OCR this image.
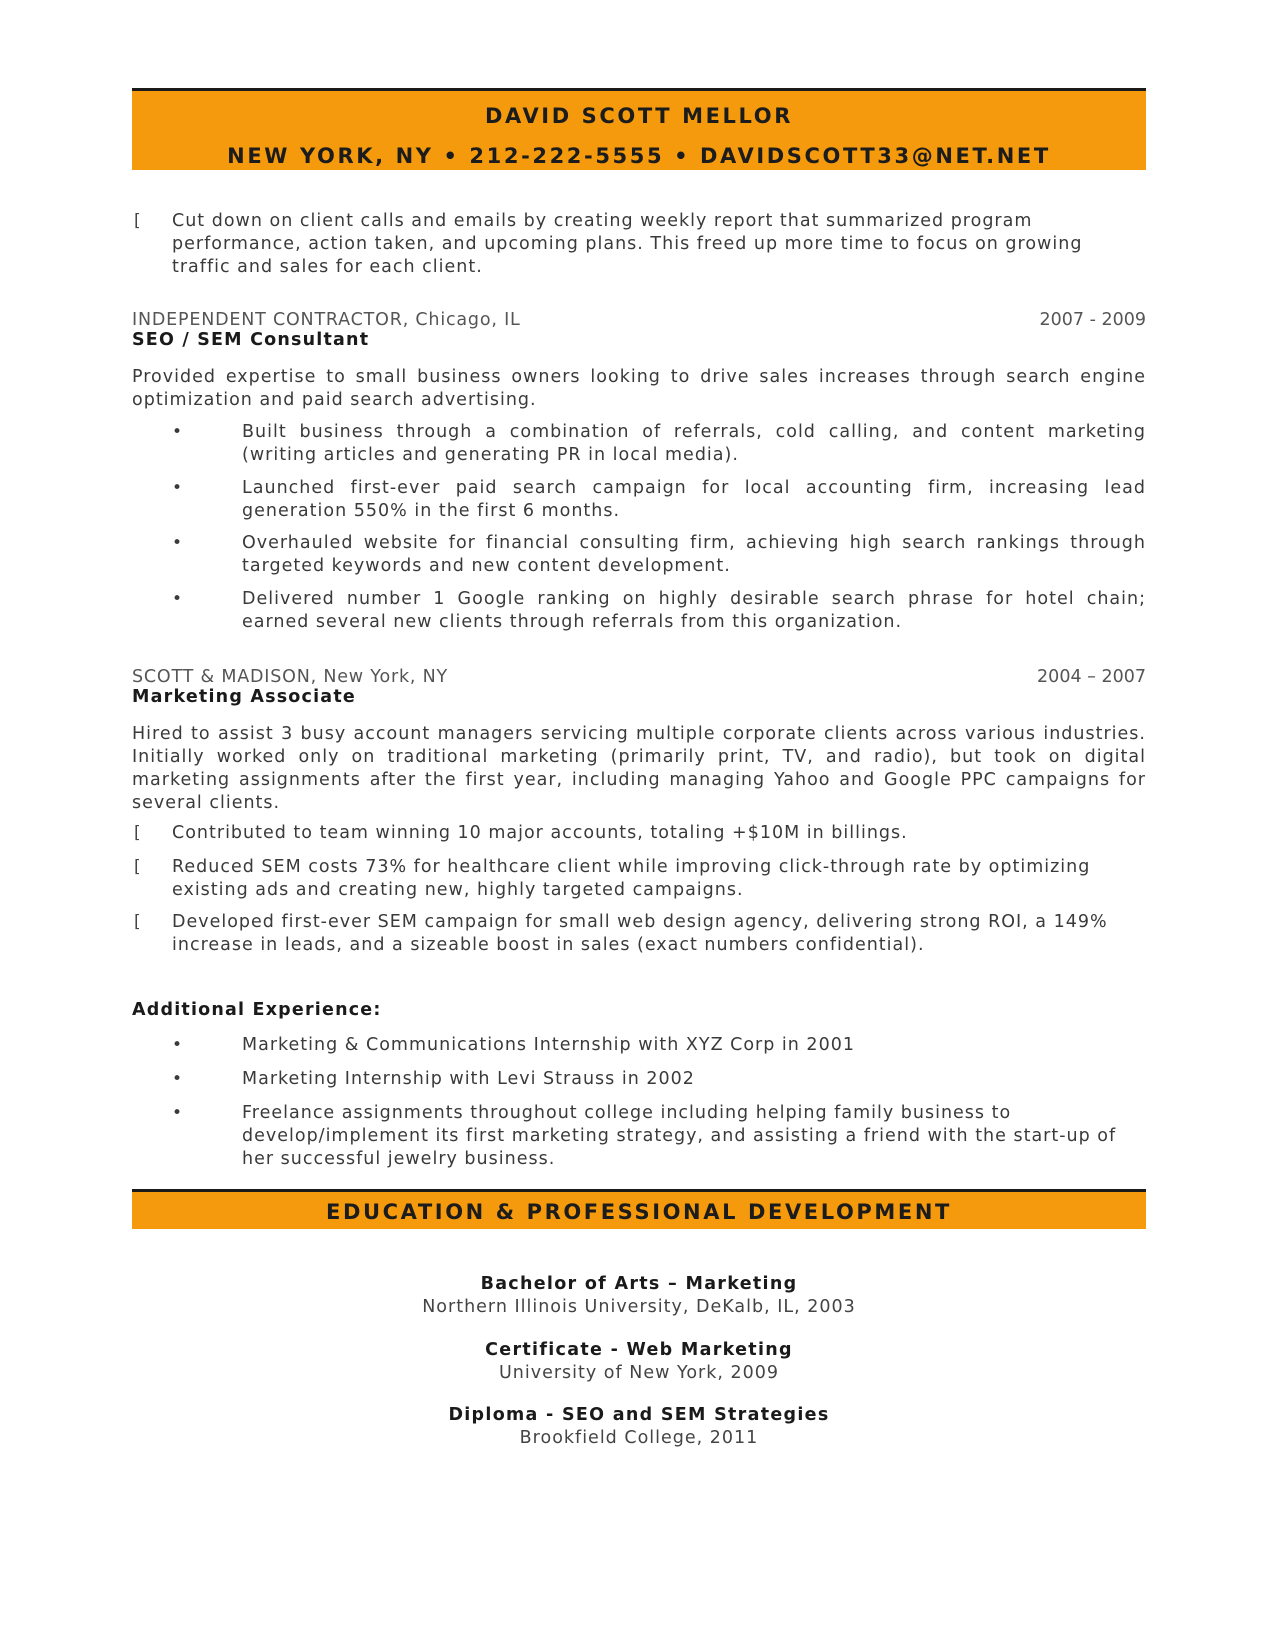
DAVID SCOTT MELLOR
NEW YORK, NY • 212-222-5555 • DAVIDSCOTT33@NET.NET
[ Cut down on client calls and emails by creating weekly report that summarized program performance, action taken, and upcoming plans. This freed up more time to focus on growing traffic and sales for each client.
INDEPENDENT CONTRACTOR, Chicago, IL	2007 - 2009
SEO / SEM Consultant
Provided expertise to small business owners looking to drive sales increases through search engine optimization and paid search advertising.
•	Built business through a combination of referrals, cold calling, and content marketing (writing articles and generating PR in local media).
•	Launched first-ever paid search campaign for local accounting firm, increasing lead generation 550% in the first 6 months.
•	Overhauled website for financial consulting firm, achieving high search rankings through targeted keywords and new content development.
•	Delivered number 1 Google ranking on highly desirable search phrase for hotel chain; earned several new clients through referrals from this organization.
SCOTT & MADISON, New York, NY	2004 – 2007
Marketing Associate
Hired to assist 3 busy account managers servicing multiple corporate clients across various industries. Initially worked only on traditional marketing (primarily print, TV, and radio), but took on digital marketing assignments after the first year, including managing Yahoo and Google PPC campaigns for several clients.
[ Contributed to team winning 10 major accounts, totaling +$10M in billings.
[ Reduced SEM costs 73% for healthcare client while improving click-through rate by optimizing existing ads and creating new, highly targeted campaigns.
[ Developed first-ever SEM campaign for small web design agency, delivering strong ROI, a 149% increase in leads, and a sizeable boost in sales (exact numbers confidential).
Additional Experience:
•	Marketing & Communications Internship with XYZ Corp in 2001
•	Marketing Internship with Levi Strauss in 2002
•	Freelance assignments throughout college including helping family business to develop/implement its first marketing strategy, and assisting a friend with the start-up of her successful jewelry business.
EDUCATION & PROFESSIONAL DEVELOPMENT
Bachelor of Arts – Marketing
Northern Illinois University, DeKalb, IL, 2003
Certificate - Web Marketing
University of New York, 2009
Diploma - SEO and SEM Strategies
Brookfield College, 2011
